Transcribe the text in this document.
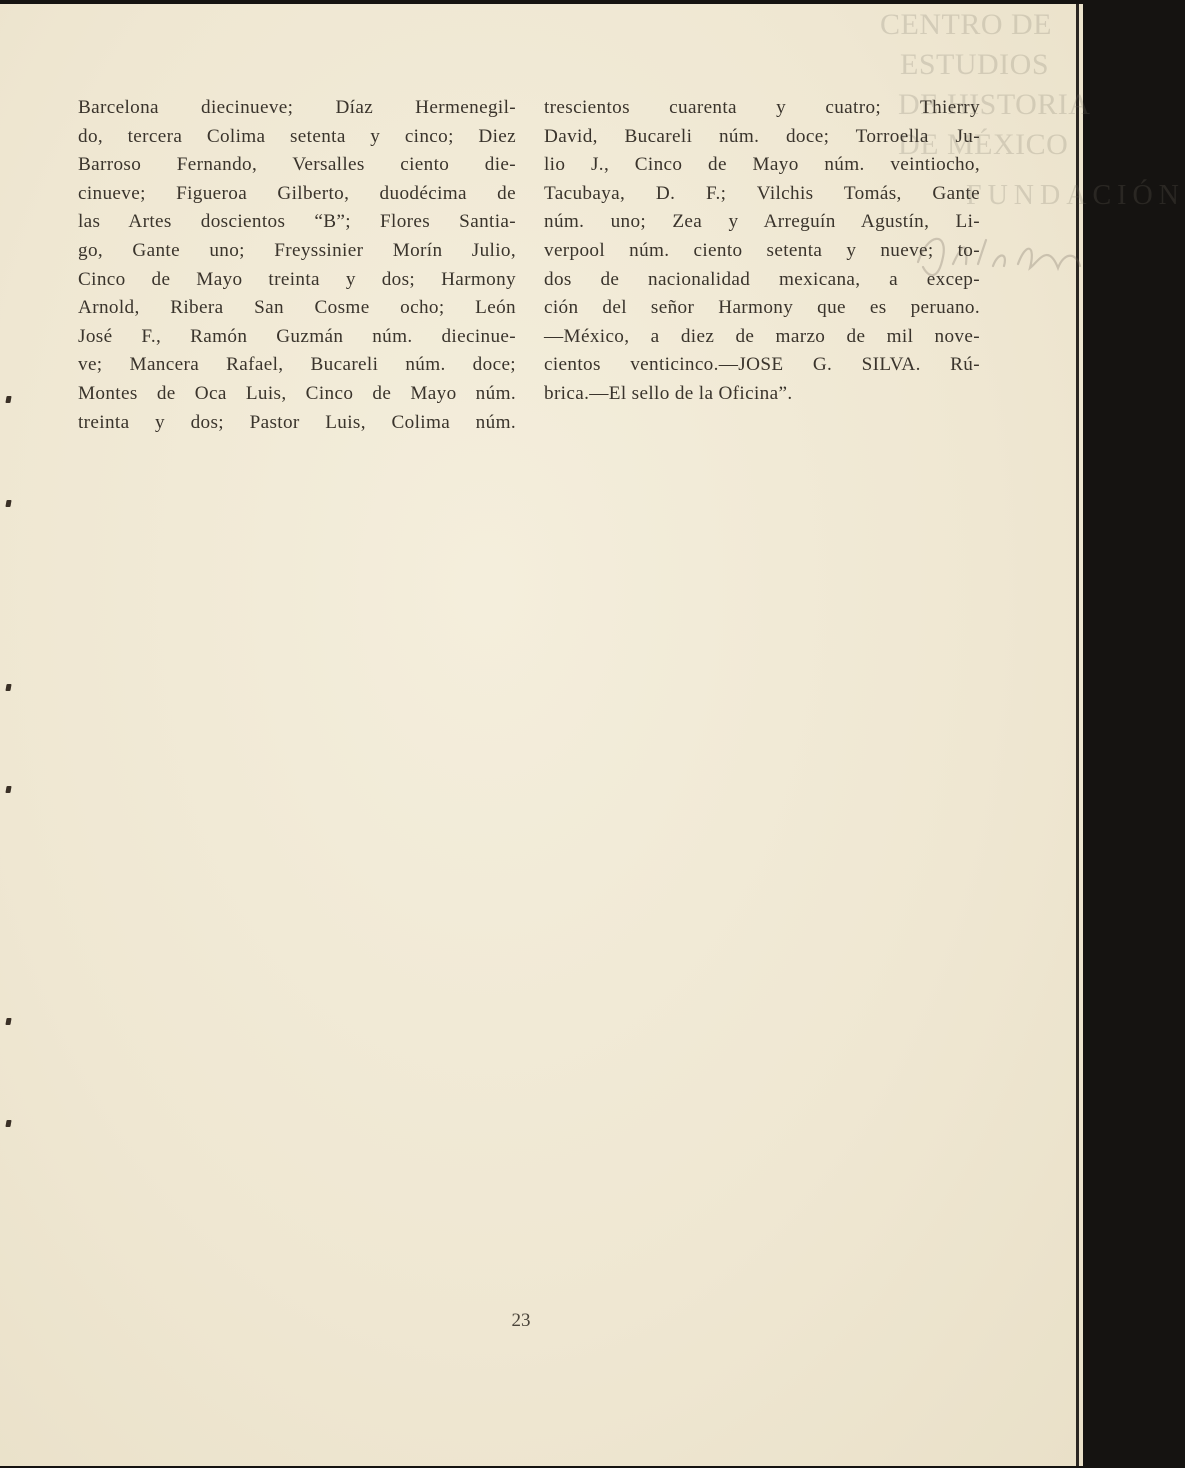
CENTRO DE
ESTUDIOS
DE HISTORIA
DE MÉXICO
FUNDACIÓN
Barcelona diecinueve; Díaz Hermenegil-
do, tercera Colima setenta y cinco; Diez
Barroso Fernando, Versalles ciento die-
cinueve; Figueroa Gilberto, duodécima de
las Artes doscientos “B”; Flores Santia-
go, Gante uno; Freyssinier Morín Julio,
Cinco de Mayo treinta y dos; Harmony
Arnold, Ribera San Cosme ocho; León
José F., Ramón Guzmán núm. diecinue-
ve; Mancera Rafael, Bucareli núm. doce;
Montes de Oca Luis, Cinco de Mayo núm.
treinta y dos; Pastor Luis, Colima núm.
trescientos cuarenta y cuatro; Thierry
David, Bucareli núm. doce; Torroella Ju-
lio J., Cinco de Mayo núm. veintiocho,
Tacubaya, D. F.; Vilchis Tomás, Gante
núm. uno; Zea y Arreguín Agustín, Li-
verpool núm. ciento setenta y nueve; to-
dos de nacionalidad mexicana, a excep-
ción del señor Harmony que es peruano.
—México, a diez de marzo de mil nove-
cientos venticinco.—JOSE G. SILVA. Rú-
brica.—El sello de la Oficina”.
23
